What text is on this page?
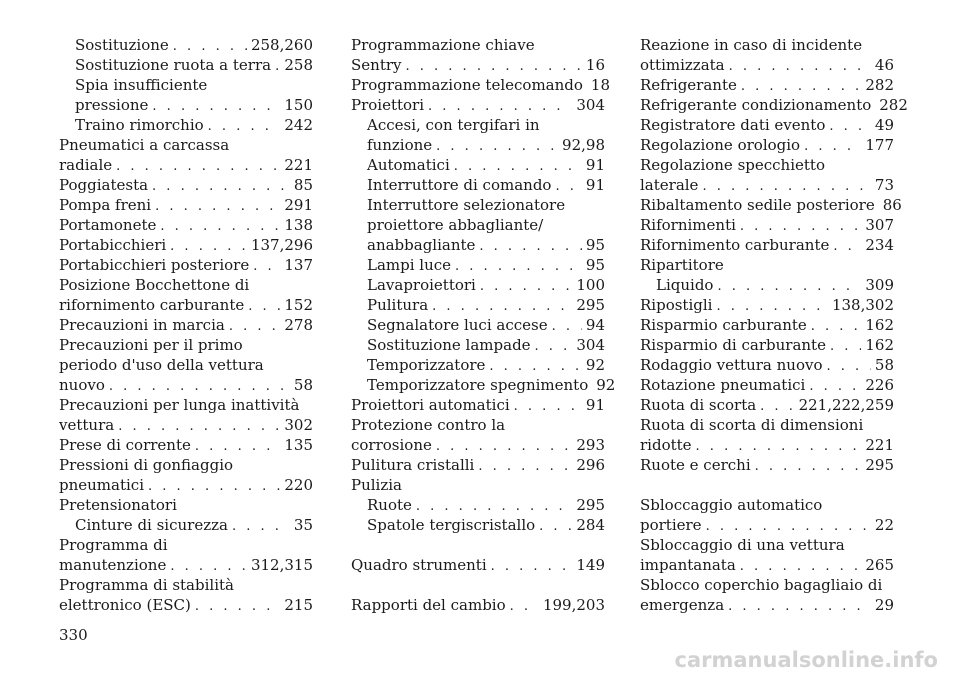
Sostituzione . . .	258,260
Sostituzione ruota a terra . . . 258
Spia insufficiente
pressione . . .	150
Traino rimorchio . . .	242
Pneumatici a carcassa
radiale . . .	221
Poggiatesta . . .	85
Pompa freni . . .	291
Portamonete . . .	138
Portabicchieri . . .	137,296
Portabicchieri posteriore . . . 137
Posizione Bocchettone di
rifornimento carburante . . .	152
Precauzioni in marcia . . .	278
Precauzioni per il primo
periodo d'uso della vettura
nuovo . . .	58
Precauzioni per lunga inattività
vettura . . .	302
Prese di corrente . . .	135
Pressioni di gonfiaggio
pneumatici . . .	220
Pretensionatori
Cinture di sicurezza . . .	35
Programma di
manutenzione . . .	312,315
Programma di stabilità
elettronico (ESC) . . .	215
Programmazione chiave
Sentry . . .	16
Programmazione telecomando 18
Proiettori . . .	304
Accesi, con tergifari in
funzione . . .	92,98
Automatici . . .	91
Interruttore di comando . . . 91
Interruttore selezionatore
proiettore abbagliante/
anabbagliante . . .	95
Lampi luce . . .	95
Lavaproiettori . . .	100
Pulitura . . .	295
Segnalatore luci accese . . .	94
Sostituzione lampade . . .	304
Temporizzatore . . .	92
Temporizzatore spegnimento 92
Proiettori automatici . . .	91
Protezione contro la
corrosione . . .	293
Pulitura cristalli . . .	296
Pulizia
Ruote . . .	295
Spatole tergiscristallo . . .	284
Quadro strumenti . . .	149
Rapporti del cambio . . . 199,203
Reazione in caso di incidente
ottimizzata . . .	46
Refrigerante . . .	282
Refrigerante condizionamento 282
Registratore dati evento . . .	49
Regolazione orologio . . .	177
Regolazione specchietto
laterale . . .	73
Ribaltamento sedile posteriore 86
Rifornimenti . . .	307
Rifornimento carburante . . . 234
Ripartitore
Liquido . . .	309
Ripostigli . . .	138,302
Risparmio carburante . . .	162
Risparmio di carburante . . .	162
Rodaggio vettura nuovo . . .	58
Rotazione pneumatici . . .	226
Ruota di scorta . . .	221,222,259
Ruota di scorta di dimensioni
ridotte . . .	221
Ruote e cerchi . . .	295
Sbloccaggio automatico
portiere . . .	22
Sbloccaggio di una vettura
impantanata . . .	265
Sblocco coperchio bagagliaio di
emergenza . . .	29
330
carmanualsonline.info
